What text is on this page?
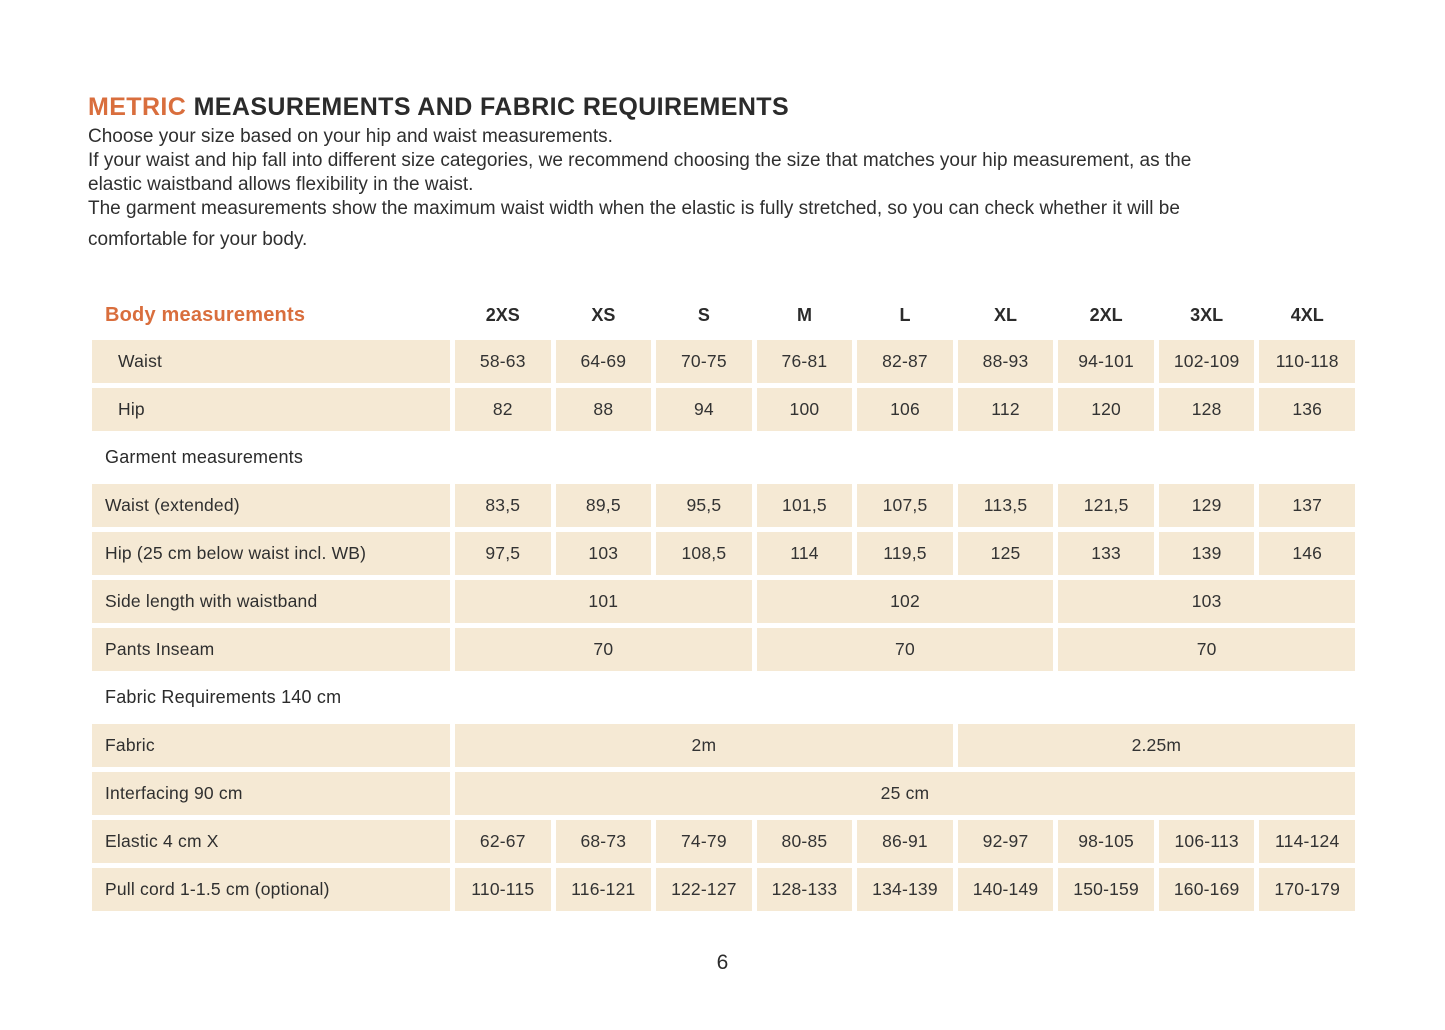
METRIC MEASUREMENTS AND FABRIC REQUIREMENTS
Choose your size based on your hip and waist measurements.
If your waist and hip fall into different size categories, we recommend choosing the size that matches your hip measurement, as the
elastic waistband allows flexibility in the waist.
The garment measurements show the maximum waist width when the elastic is fully stretched, so you can check whether it will be
comfortable for your body.
Body measurements	2XS	XS	S	M	L	XL	2XL	3XL	4XL
Waist	58-63	64-69	70-75	76-81	82-87	88-93	94-101	102-109	110-118
Hip	82	88	94	100	106	112	120	128	136
Garment measurements
Waist (extended)	83,5	89,5	95,5	101,5	107,5	113,5	121,5	129	137
Hip (25 cm below waist incl. WB)	97,5	103	108,5	114	119,5	125	133	139	146
Side length with waistband	101	102	103
Pants Inseam	70	70	70
Fabric Requirements 140 cm
Fabric	2m	2.25m
Interfacing 90 cm	25 cm
Elastic 4 cm X	62-67	68-73	74-79	80-85	86-91	92-97	98-105	106-113	114-124
Pull cord 1-1.5 cm (optional)	110-115	116-121	122-127	128-133	134-139	140-149	150-159	160-169	170-179
6
